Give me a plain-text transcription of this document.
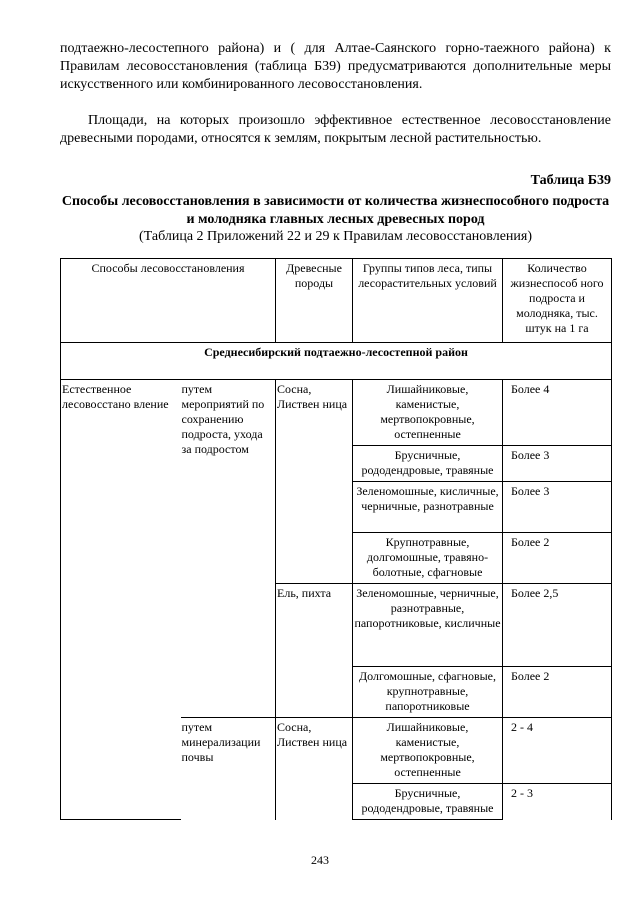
подтаежно-лесостепного района) и ( для Алтае-Саянского горно-таежного района) к Правилам лесовосстановления (таблица Б39) предусматриваются дополнительные меры искусственного или комбинированного лесовосстановления.
Площади, на которых произошло эффективное естественное лесовосстановление древесными породами, относятся к землям, покрытым лесной растительностью.
Таблица Б39
Способы лесовосстановления в зависимости от количества жизнеспособного подроста и молодняка главных лесных древесных пород
(Таблица 2 Приложений 22 и 29 к Правилам лесовосстановления)
Способы лесовосстановления		Древесные породы	Группы типов леса, типы лесорастительных условий	Количество жизнеспособ ного подроста и молодняка, тыс. штук на 1 га
Среднесибирский подтаежно-лесостепной район				
Естественное лесовосстано вление	путем мероприятий по сохранению подроста, ухода за подростом	Сосна, Листвен ница	Лишайниковые, каменистые, мертвопокровные, остепненные	Более 4
			Брусничные, рододендровые, травяные	Более 3
			Зеленомошные, кисличные, черничные, разнотравные	Более 3
			Крупнотравные, долгомошные, травяно-болотные, сфагновые	Более 2
		Ель, пихта	Зеленомошные, черничные, разнотравные, папоротниковые, кисличные	Более 2,5
			Долгомошные, сфагновые, крупнотравные, папоротниковые	Более 2
	путем минерализации почвы	Сосна, Листвен ница	Лишайниковые, каменистые, мертвопокровные, остепненные	2 - 4
			Брусничные, рододендровые, травяные	2 - 3
243
